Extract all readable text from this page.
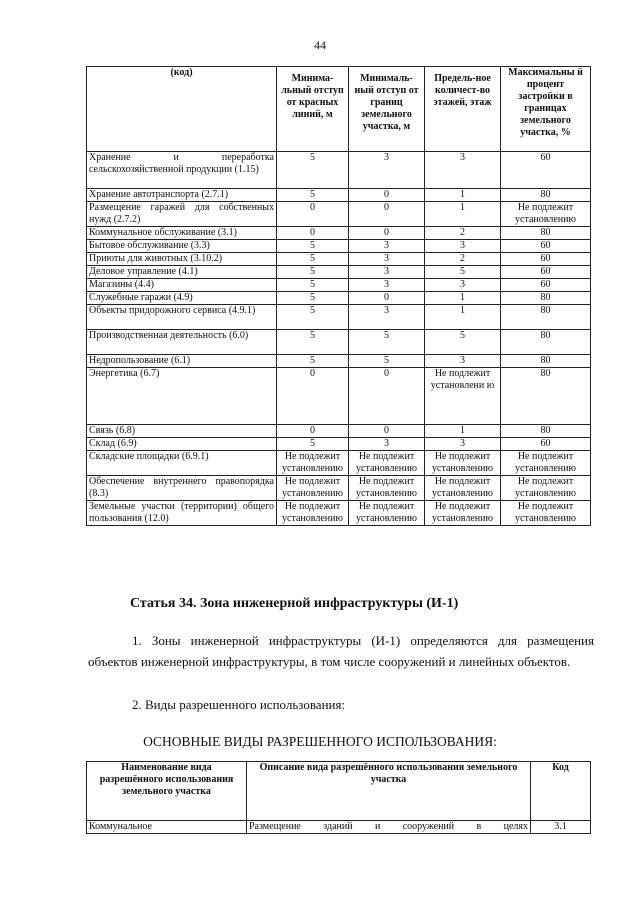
44
(код)	Минима-льный отступ от красных линий, м	Минималь-ный отступ от границ земельного участка, м	Предель-ное количест-во этажей, этаж	Максимальны й процент застройки в границах земельного участка, %
Хранение и переработка сельскохозяйственной продукции (1.15)	5	3	3	60
Хранение автотранспорта (2.7.1)	5	0	1	80
Размещение гаражей для собственных нужд (2.7.2)	0	0	1	Не подлежит установлению
Коммунальное обслуживание (3.1)	0	0	2	80
Бытовое обслуживание (3.3)	5	3	3	60
Приюты для животных (3.10.2)	5	3	2	60
Деловое управление (4.1)	5	3	5	60
Магазины (4.4)	5	3	3	60
Служебные гаражи (4.9)	5	0	1	80
Объекты придорожного сервиса (4.9.1)	5	3	1	80
Производственная деятельность (6.0)	5	5	5	80
Недропользование (6.1)	5	5	3	80
Энергетика (6.7)	0	0	Не подлежит установлени ю	80
Связь (6.8)	0	0	1	80
Склад (6.9)	5	3	3	60
Складские площадки (6.9.1)	Не подлежит установлению	Не подлежит установлению	Не подлежит установлению	Не подлежит установлению
Обеспечение внутреннего правопорядка (8.3)	Не подлежит установлению	Не подлежит установлению	Не подлежит установлению	Не подлежит установлению
Земельные участки (территории) общего пользования (12.0)	Не подлежит установлению	Не подлежит установлению	Не подлежит установлению	Не подлежит установлению
Статья 34. Зона инженерной инфраструктуры (И-1)
1. Зоны инженерной инфраструктуры (И-1) определяются для размещения объектов инженерной инфраструктуры, в том числе сооружений и линейных объектов.
2. Виды разрешенного использования:
ОСНОВНЫЕ ВИДЫ РАЗРЕШЕННОГО ИСПОЛЬЗОВАНИЯ:
Наименование вида разрешённого использования земельного участка	Описание вида разрешённого использования земельного участка	Код
Коммунальное	Размещение зданий и сооружений в целях	3.1
